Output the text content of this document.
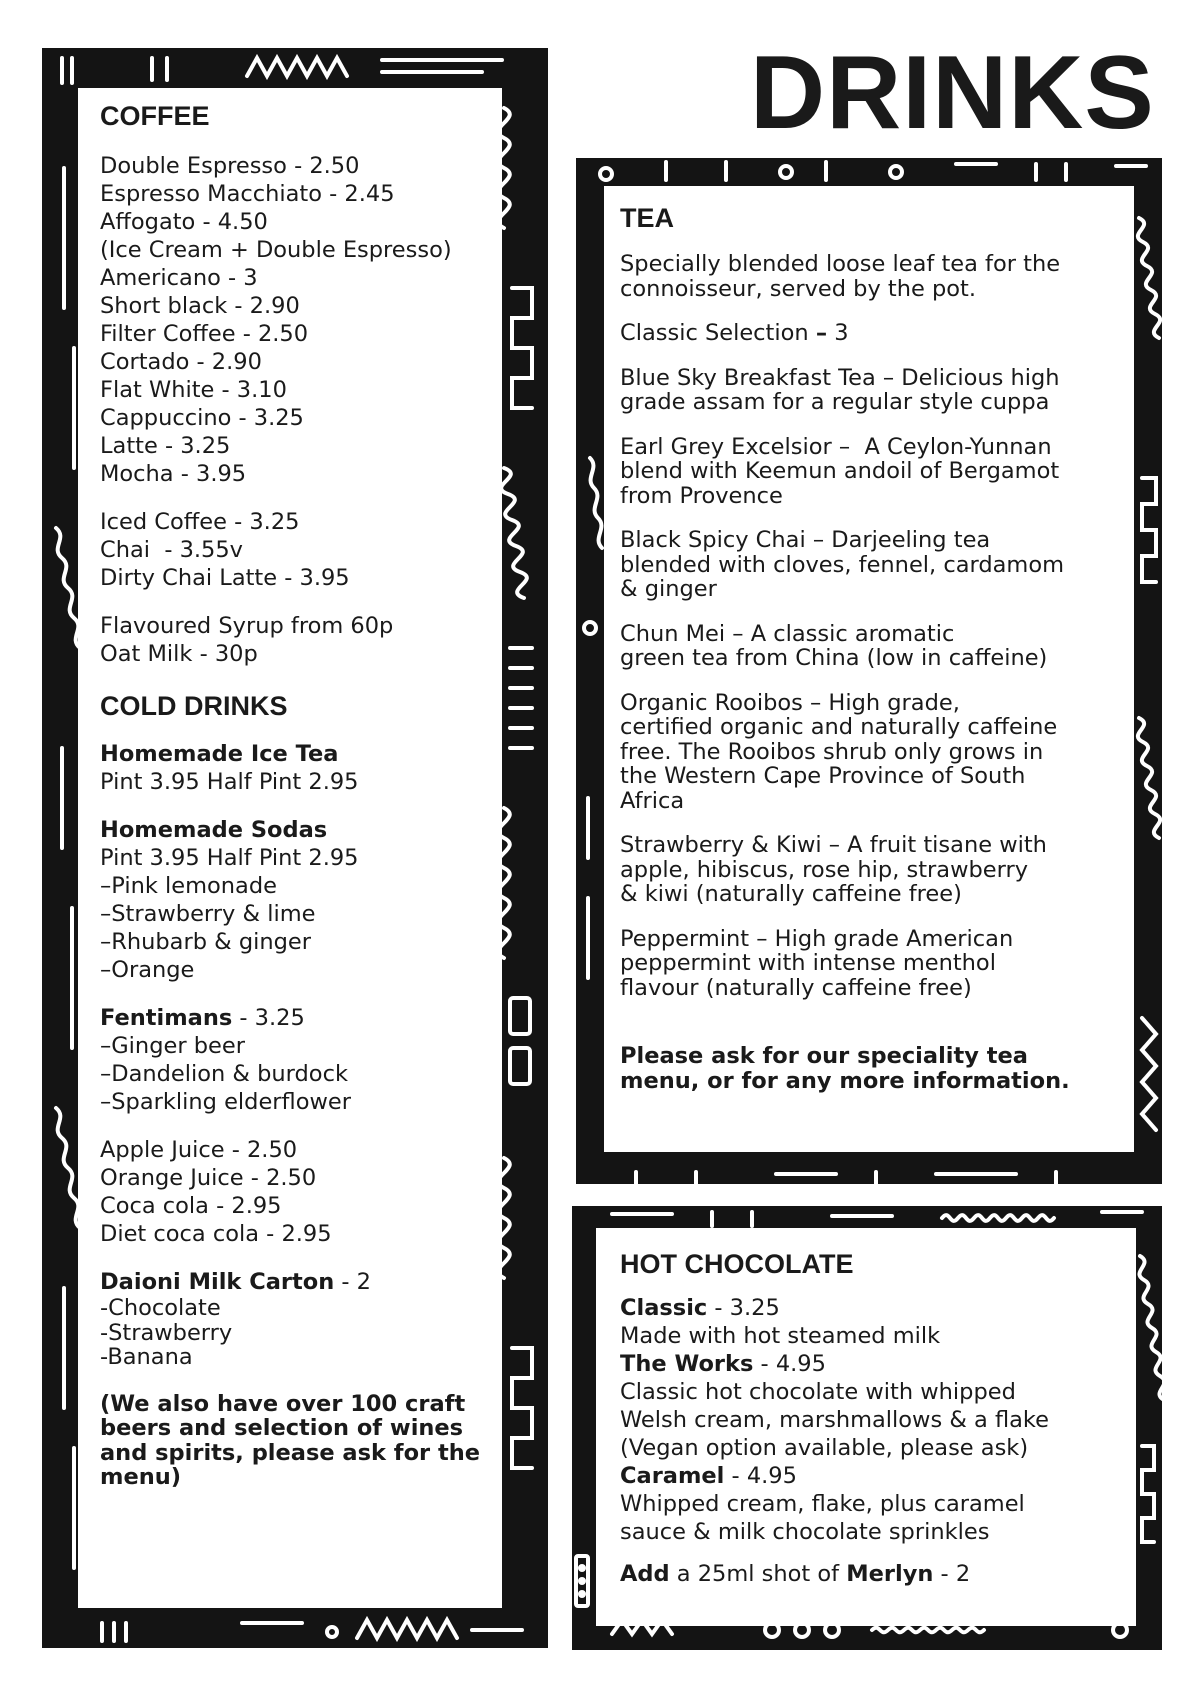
DRINKS
COFFEE
Double Espresso - 2.50
Espresso Macchiato - 2.45
Affogato - 4.50
(Ice Cream + Double Espresso)
Americano - 3
Short black - 2.90
Filter Coffee - 2.50
Cortado - 2.90
Flat White - 3.10
Cappuccino - 3.25
Latte - 3.25
Mocha - 3.95
Iced Coffee - 3.25
Chai  - 3.55v
Dirty Chai Latte - 3.95
Flavoured Syrup from 60p
Oat Milk - 30p
COLD DRINKS
Homemade Ice Tea
Pint 3.95 Half Pint 2.95
Homemade Sodas
Pint 3.95 Half Pint 2.95
–Pink lemonade
–Strawberry & lime
–Rhubarb & ginger
–Orange
Fentimans - 3.25
–Ginger beer
–Dandelion & burdock
–Sparkling elderflower
Apple Juice - 2.50
Orange Juice - 2.50
Coca cola - 2.95
Diet coca cola - 2.95
Daioni Milk Carton - 2
-Chocolate
-Strawberry
-Banana
(We also have over 100 craft
beers and selection of wines
and spirits, please ask for the
menu)
TEA
Specially blended loose leaf tea for the
connoisseur, served by the pot.
Classic Selection – 3
Blue Sky Breakfast Tea – Delicious high
grade assam for a regular style cuppa
Earl Grey Excelsior –  A Ceylon-Yunnan
blend with Keemun andoil of Bergamot
from Provence
Black Spicy Chai – Darjeeling tea
blended with cloves, fennel, cardamom
& ginger
Chun Mei – A classic aromatic
green tea from China (low in caffeine)
Organic Rooibos – High grade,
certified organic and naturally caffeine
free. The Rooibos shrub only grows in
the Western Cape Province of South
Africa
Strawberry & Kiwi – A fruit tisane with
apple, hibiscus, rose hip, strawberry
& kiwi (naturally caffeine free)
Peppermint – High grade American
peppermint with intense menthol
flavour (naturally caffeine free)
Please ask for our speciality tea
menu, or for any more information.
HOT CHOCOLATE
Classic - 3.25
Made with hot steamed milk
The Works - 4.95
Classic hot chocolate with whipped
Welsh cream, marshmallows & a flake
(Vegan option available, please ask)
Caramel - 4.95
Whipped cream, flake, plus caramel
sauce & milk chocolate sprinkles
Add a 25ml shot of Merlyn - 2
